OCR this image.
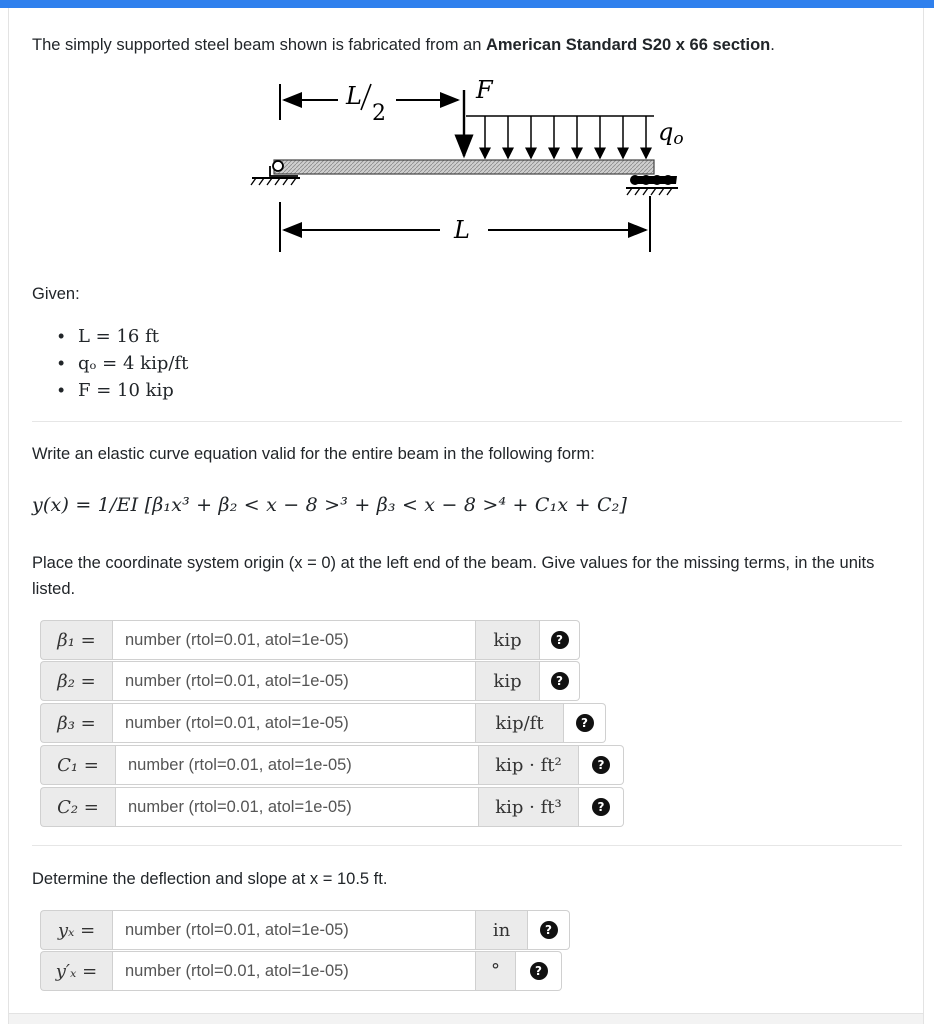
The simply supported steel beam shown is fabricated from an American Standard S20 x 66 section.
L
2
F
qo
L
Given:
• L = 16 ft
• qₒ = 4 kip/ft
• F = 10 kip
Write an elastic curve equation valid for the entire beam in the following form:
y(x) = 1/EI [β₁x³ + β₂ < x − 8 >³ + β₃ < x − 8 >⁴ + C₁x + C₂]
Place the coordinate system origin (x = 0) at the left end of the beam. Give values for the missing terms, in the units listed.
β₁ =
number (rtol=0.01, atol=1e-05)	kip	?
β₂ =
number (rtol=0.01, atol=1e-05)	kip	?
β₃ =
number (rtol=0.01, atol=1e-05)	kip/ft	?
C₁ =
number (rtol=0.01, atol=1e-05)	kip · ft²	?
C₂ =
number (rtol=0.01, atol=1e-05)	kip · ft³	?
Determine the deflection and slope at x = 10.5 ft.
yₓ =
number (rtol=0.01, atol=1e-05)	in	?
y′ₓ =
number (rtol=0.01, atol=1e-05)	°	?
